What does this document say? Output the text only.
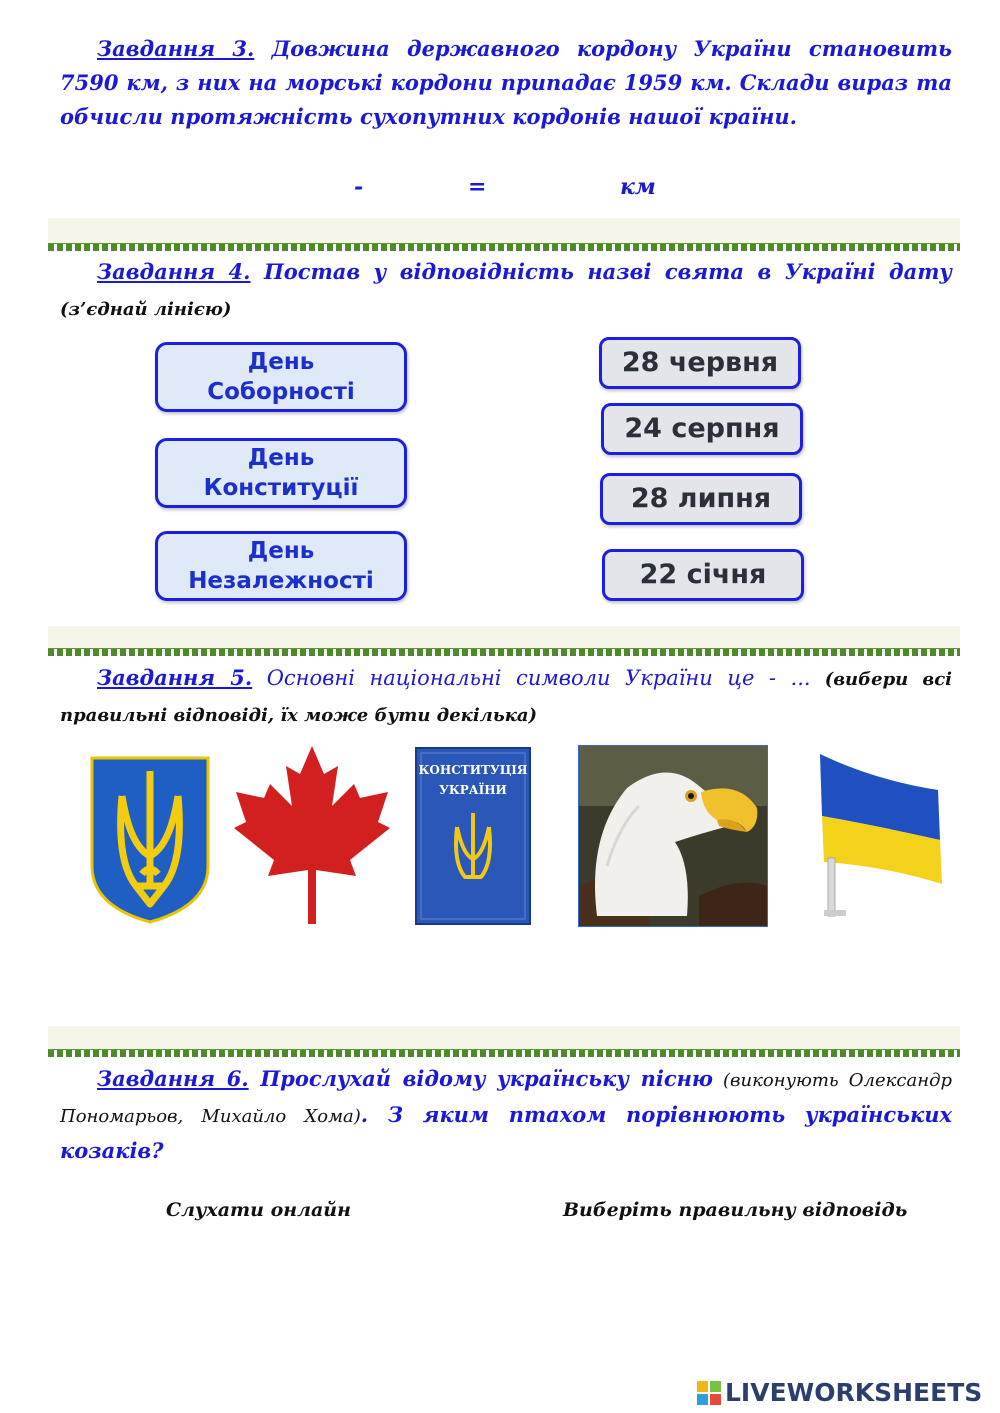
Завдання 3. Довжина державного кордону України становить 7590 км, з них на морські кордони припадає 1959 км. Склади вираз та обчисли протяжність сухопутних кордонів нашої країни.
-	=	км
Завдання 4. Постав у відповідність назві свята в Україні дату (з’єднай лінією)
День
Соборності
День
Конституції
День
Незалежності
28 червня
24 серпня
28 липня
22 січня
Завдання 5. Основні національні символи України це - ... (вибери всі правильні відповіді, їх може бути декілька)
КОНСТИТУЦІЯ
УКРАЇНИ
Завдання 6. Прослухай відому українську пісню (виконують Олександр Пономарьов, Михайло Хома). З яким птахом порівнюють українських козаків?
Слухати онлайн	Виберіть правильну відповідь
LIVEWORKSHEETS
